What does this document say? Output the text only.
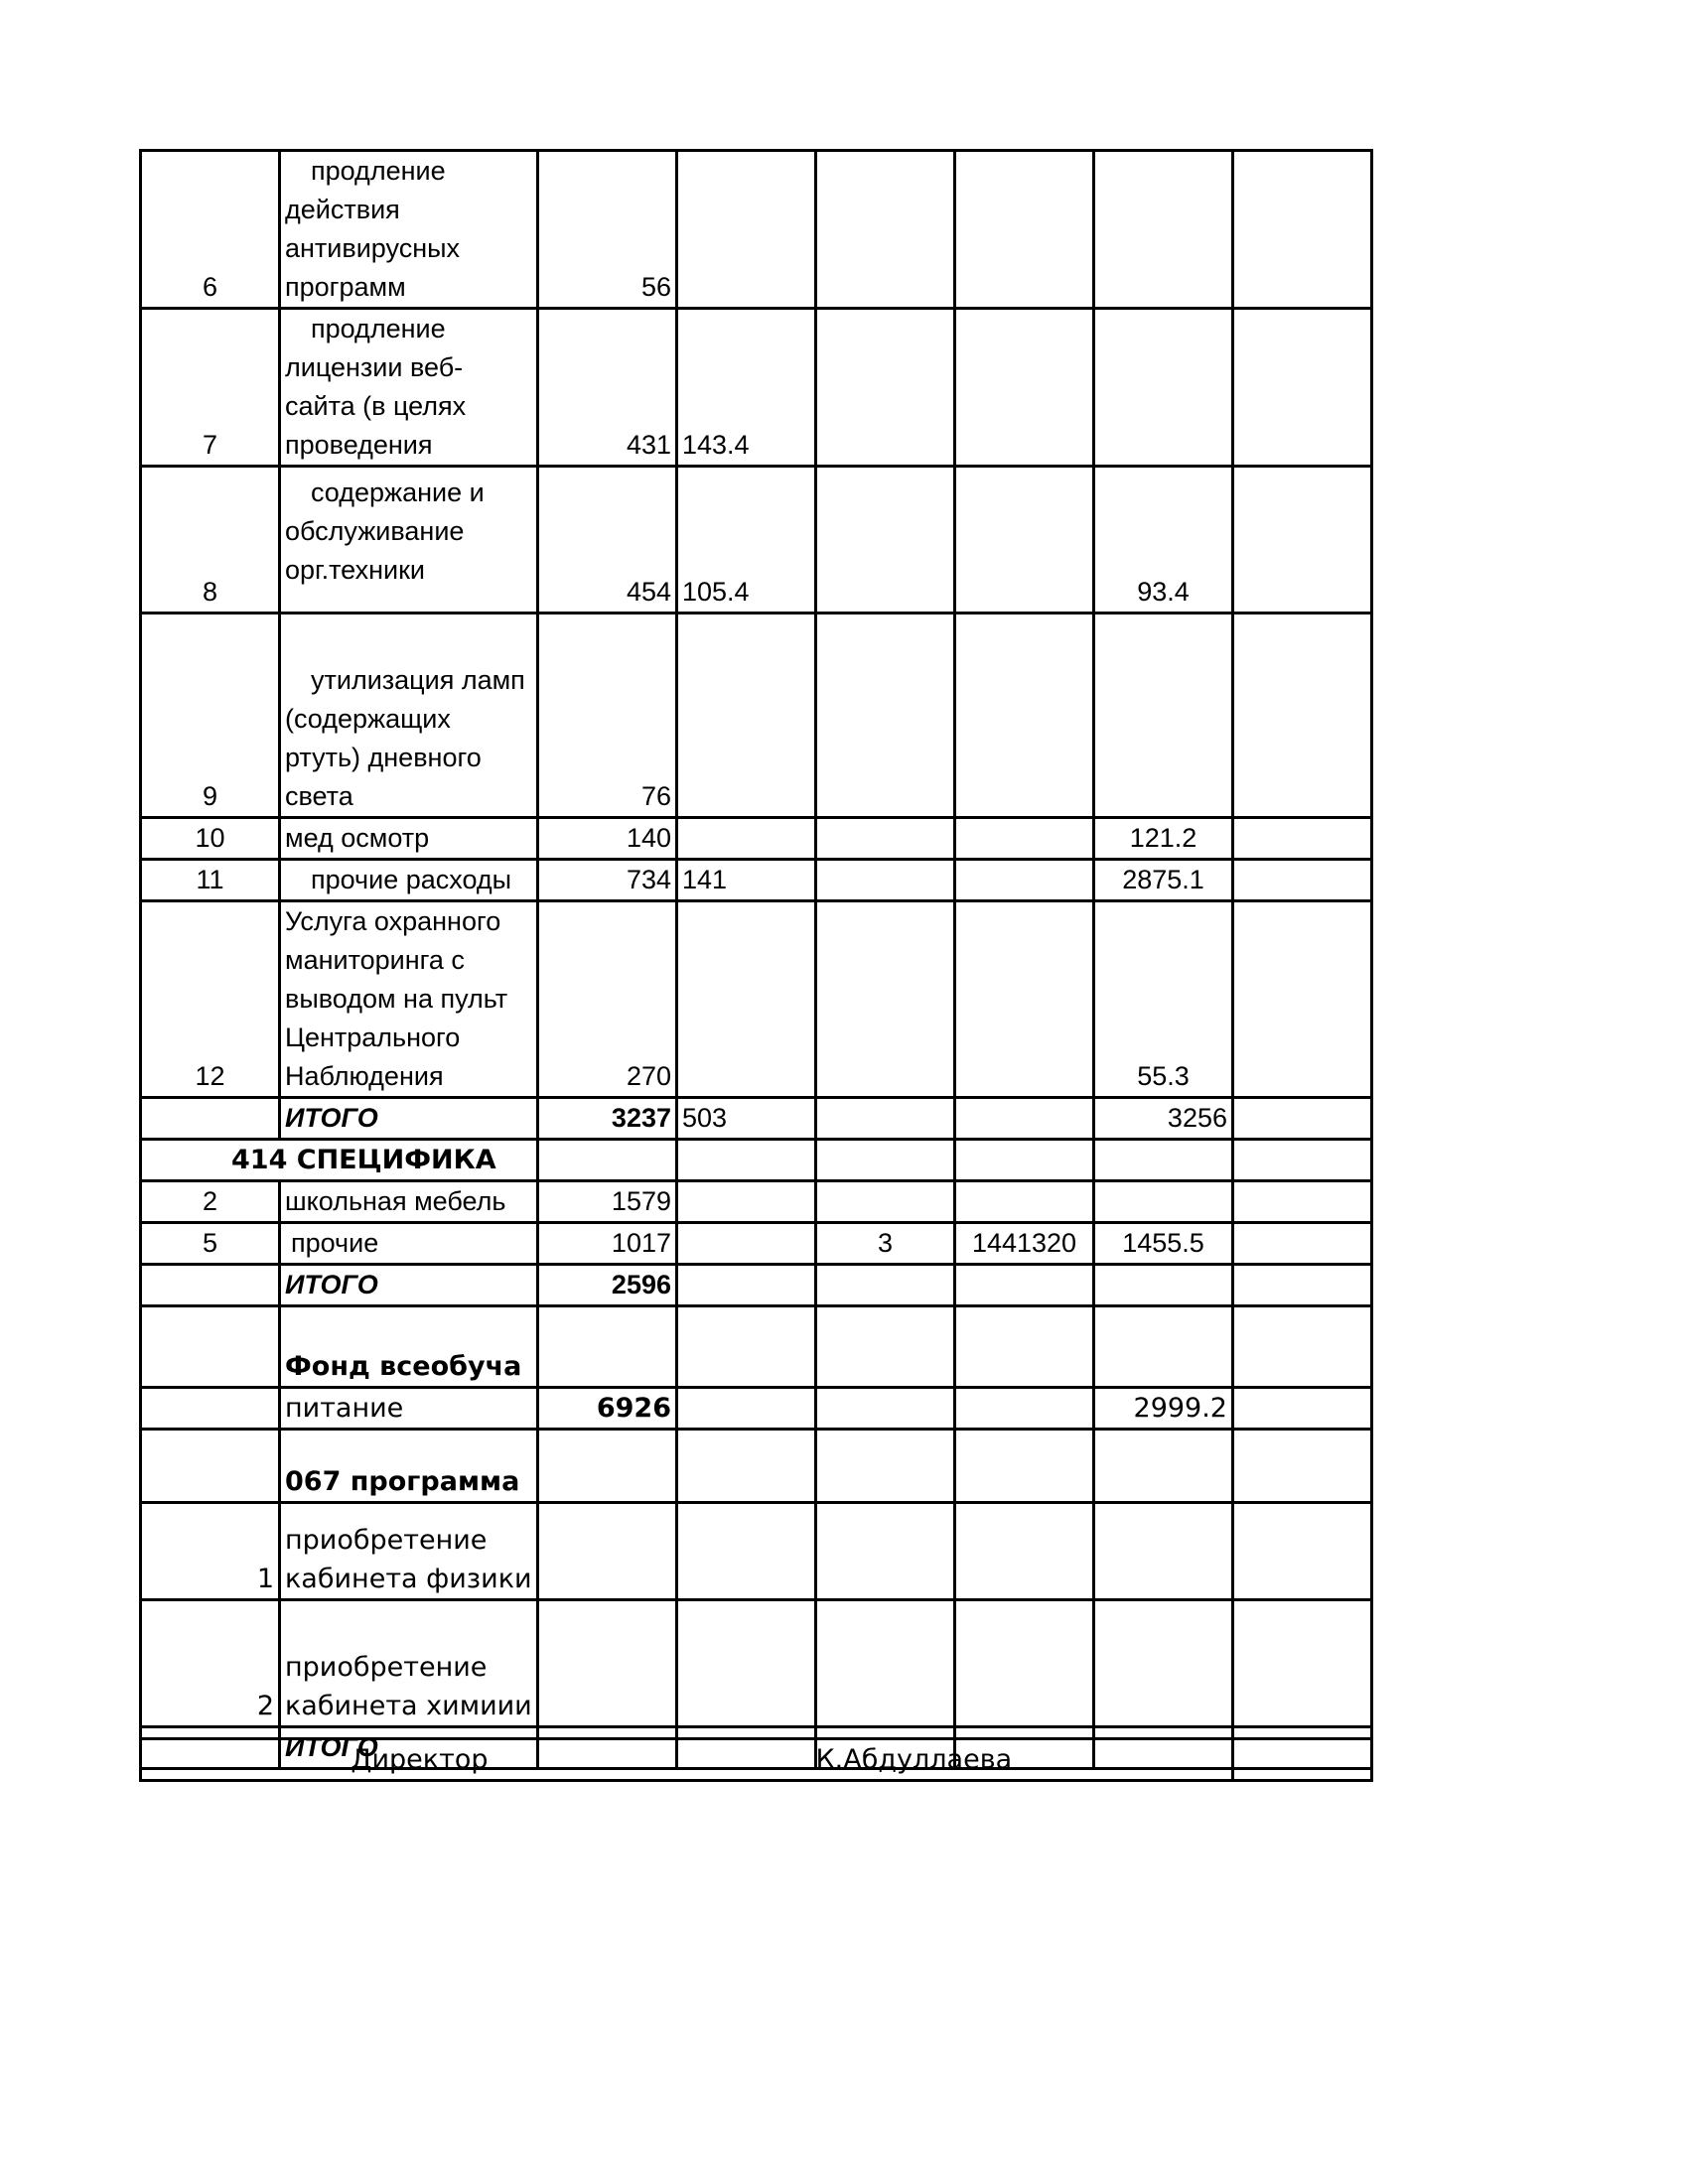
6	продление действия антивирусных программ	56					
7	продление лицензии веб-сайта (в целях проведения	431	143.4				
8	содержание и обслуживание орг.техники	454	105.4			93.4	
9	утилизация ламп (содержащих ртуть) дневного света	76					
10	мед осмотр	140				121.2	
11	прочие расходы	734	141			2875.1	
12	Услуга охранного маниторинга с выводом на пульт Центрального Наблюдения	270				55.3	
	ИТОГО	3237	503			3256	
414 СПЕЦИФИКА							
2	школьная мебель	1579					
5	прочие	1017		3	1441320	1455.5	
	ИТОГО	2596					
	Фонд всеобуча						
	питание	6926				2999.2	
	067 программа						
1	приобретение кабинета физики						
2	приобретение кабинета химиии						
	ИТОГО						
Директор		К.Абдуллаева	
